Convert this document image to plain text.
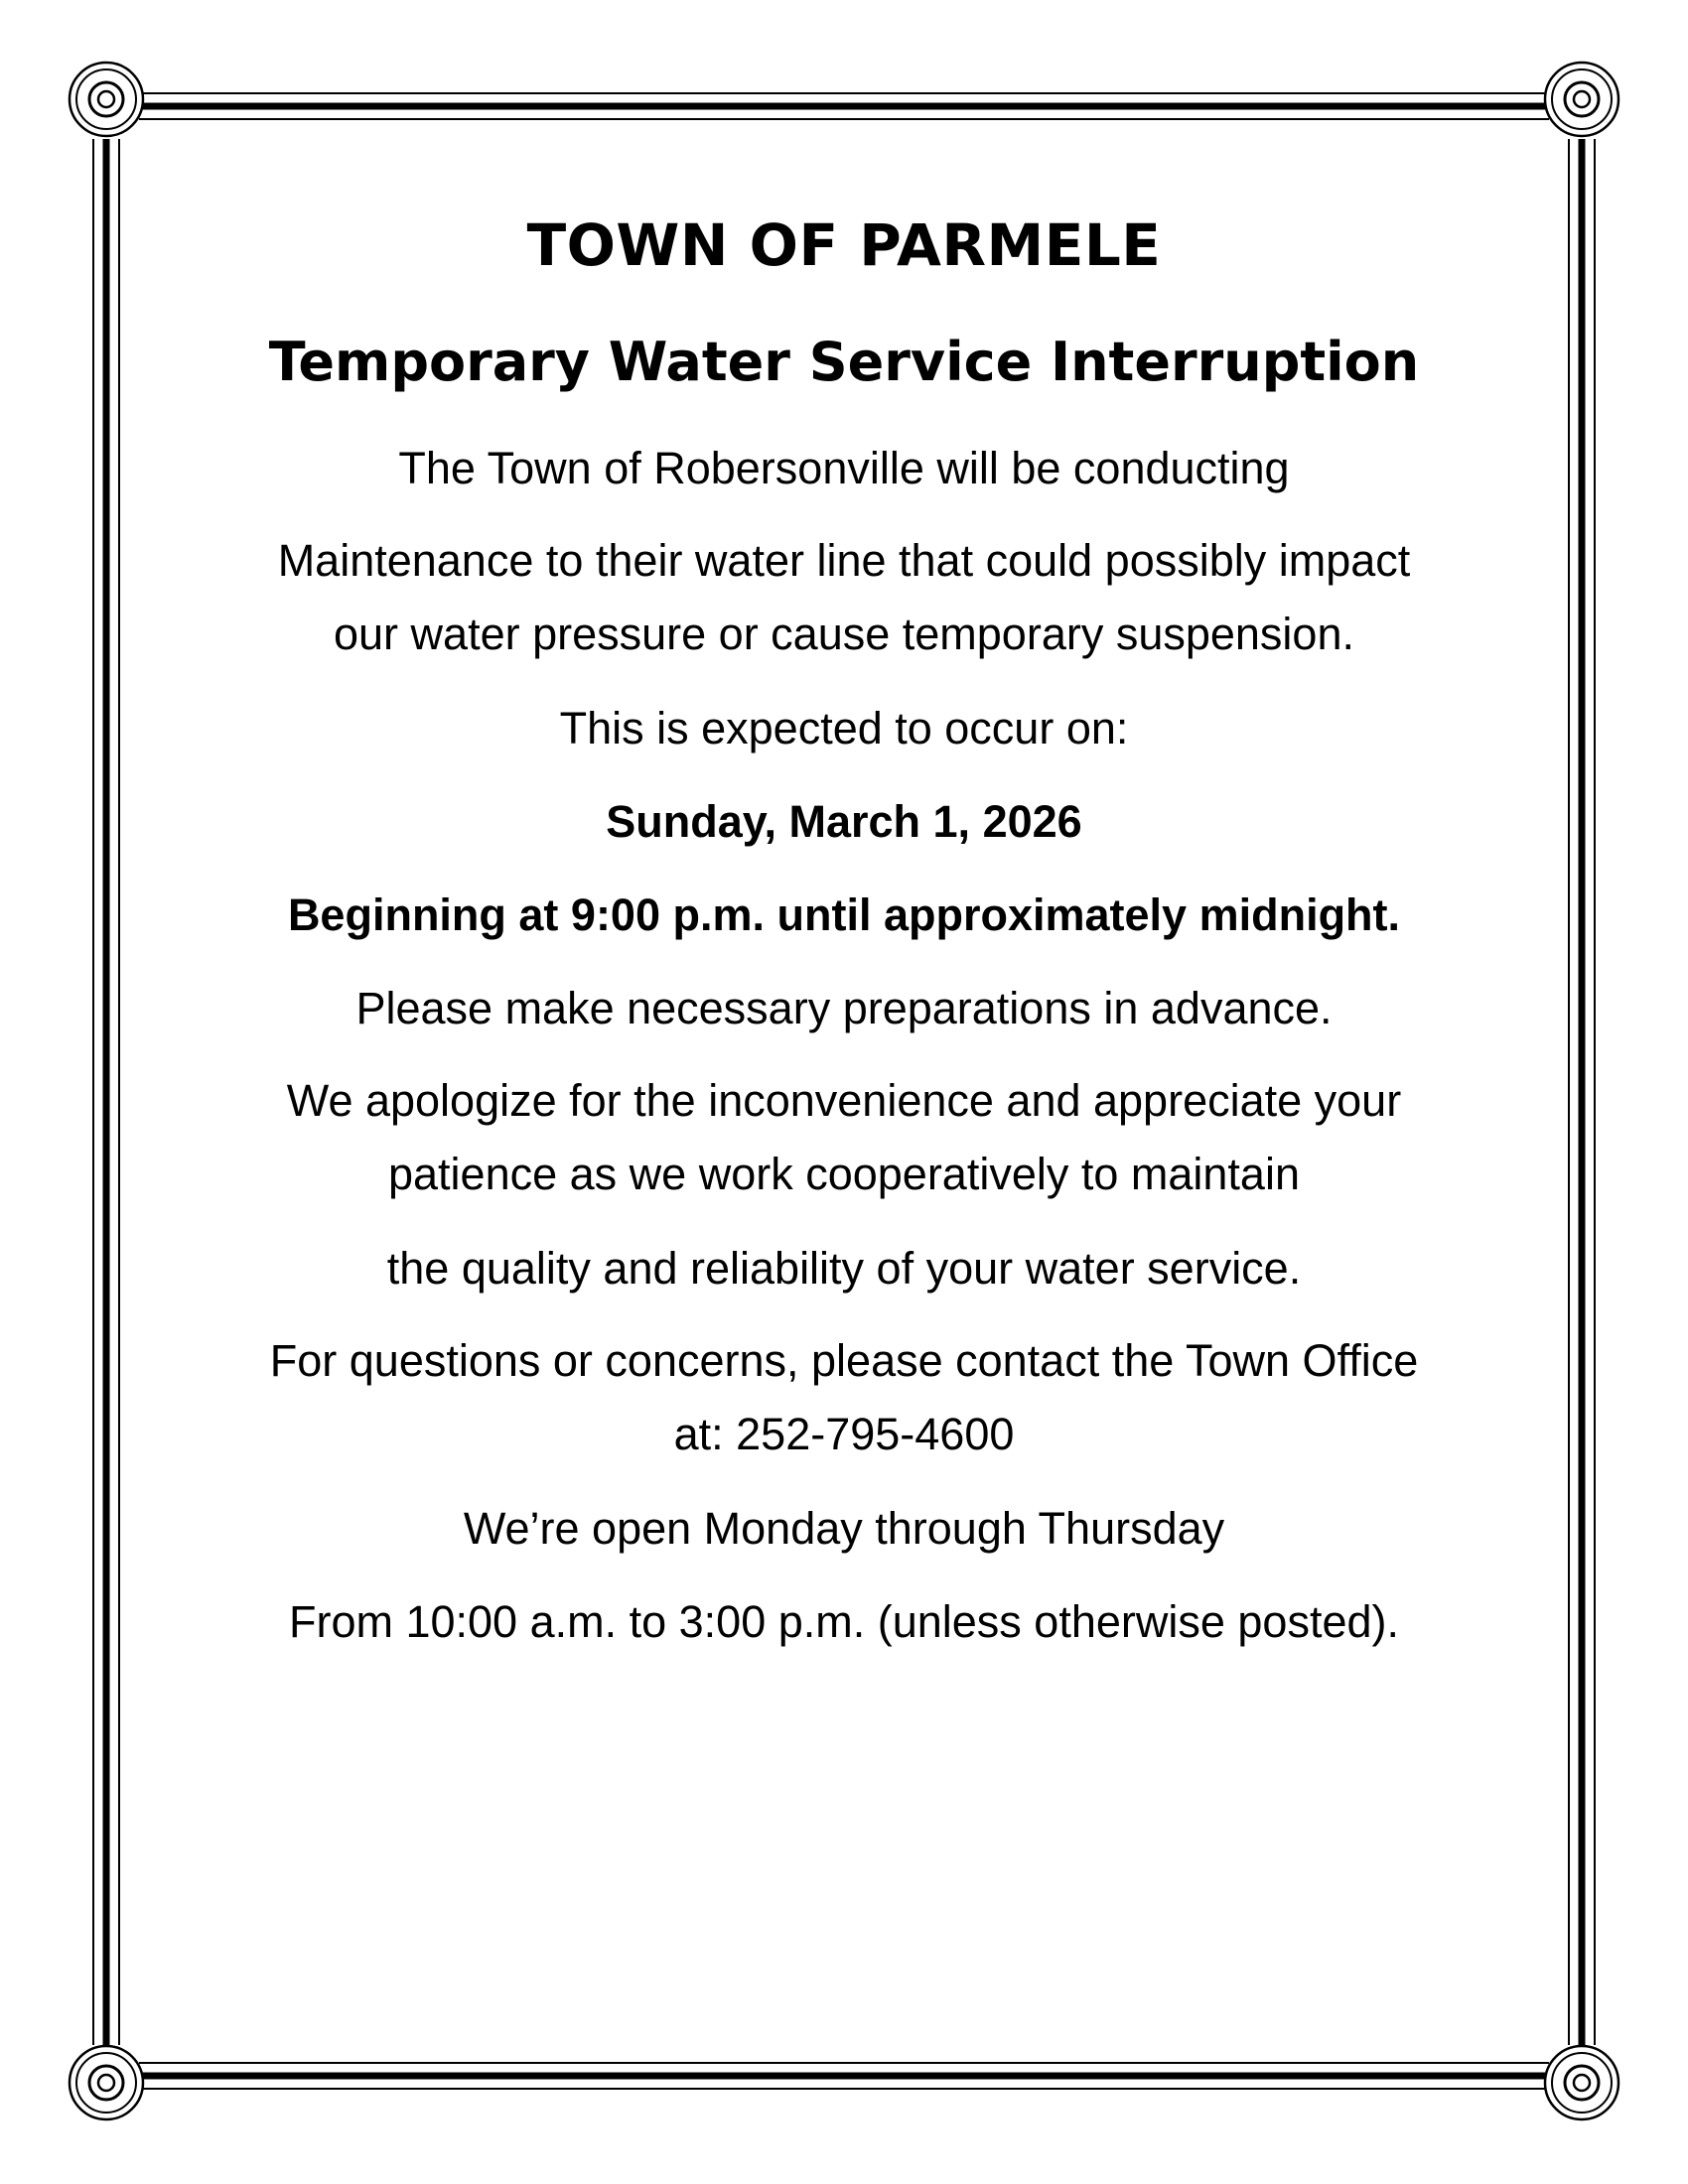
TOWN OF PARMELE
Temporary Water Service Interruption
The Town of Robersonville will be conducting
Maintenance to their water line that could possibly impact
our water pressure or cause temporary suspension.
This is expected to occur on:
Sunday, March 1, 2026
Beginning at 9:00 p.m. until approximately midnight.
Please make necessary preparations in advance.
We apologize for the inconvenience and appreciate your
patience as we work cooperatively to maintain
the quality and reliability of your water service.
For questions or concerns, please contact the Town Office
at: 252-795-4600
We’re open Monday through Thursday
From 10:00 a.m. to 3:00 p.m. (unless otherwise posted).
